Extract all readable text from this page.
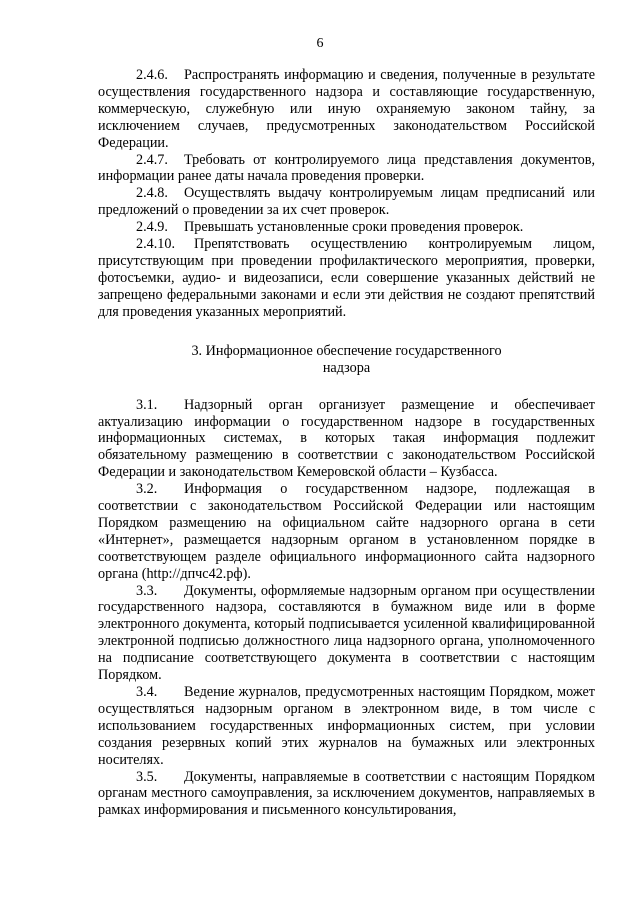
6

2.4.6. Распространять информацию и сведения, полученные в результате осуществления государственного надзора и составляющие государственную, коммерческую, служебную или иную охраняемую законом тайну, за исключением случаев, предусмотренных законодательством Российской Федерации.

2.4.7. Требовать от контролируемого лица представления документов, информации ранее даты начала проведения проверки.

2.4.8. Осуществлять выдачу контролируемым лицам предписаний или предложений о проведении за их счет проверок.

2.4.9. Превышать установленные сроки проведения проверок.

2.4.10. Препятствовать осуществлению контролируемым лицом, присутствующим при проведении профилактического мероприятия, проверки, фотосъемки, аудио- и видеозаписи, если совершение указанных действий не запрещено федеральными законами и если эти действия не создают препятствий для проведения указанных мероприятий.

3. Информационное обеспечение государственного
надзора

3.1. Надзорный орган организует размещение и обеспечивает актуализацию информации о государственном надзоре в государственных информационных системах, в которых такая информация подлежит обязательному размещению в соответствии с законодательством Российской Федерации и законодательством Кемеровской области – Кузбасса.

3.2. Информация о государственном надзоре, подлежащая в соответствии с законодательством Российской Федерации или настоящим Порядком размещению на официальном сайте надзорного органа в сети «Интернет», размещается надзорным органом в установленном порядке в соответствующем разделе официального информационного сайта надзорного органа (http://дпчс42.рф).

3.3. Документы, оформляемые надзорным органом при осуществлении государственного надзора, составляются в бумажном виде или в форме электронного документа, который подписывается усиленной квалифицированной электронной подписью должностного лица надзорного органа, уполномоченного на подписание соответствующего документа в соответствии с настоящим Порядком.

3.4. Ведение журналов, предусмотренных настоящим Порядком, может осуществляться надзорным органом в электронном виде, в том числе с использованием государственных информационных систем, при условии создания резервных копий этих журналов на бумажных или электронных носителях.

3.5. Документы, направляемые в соответствии с настоящим Порядком органам местного самоуправления, за исключением документов, направляемых в рамках информирования и письменного консультирования,
